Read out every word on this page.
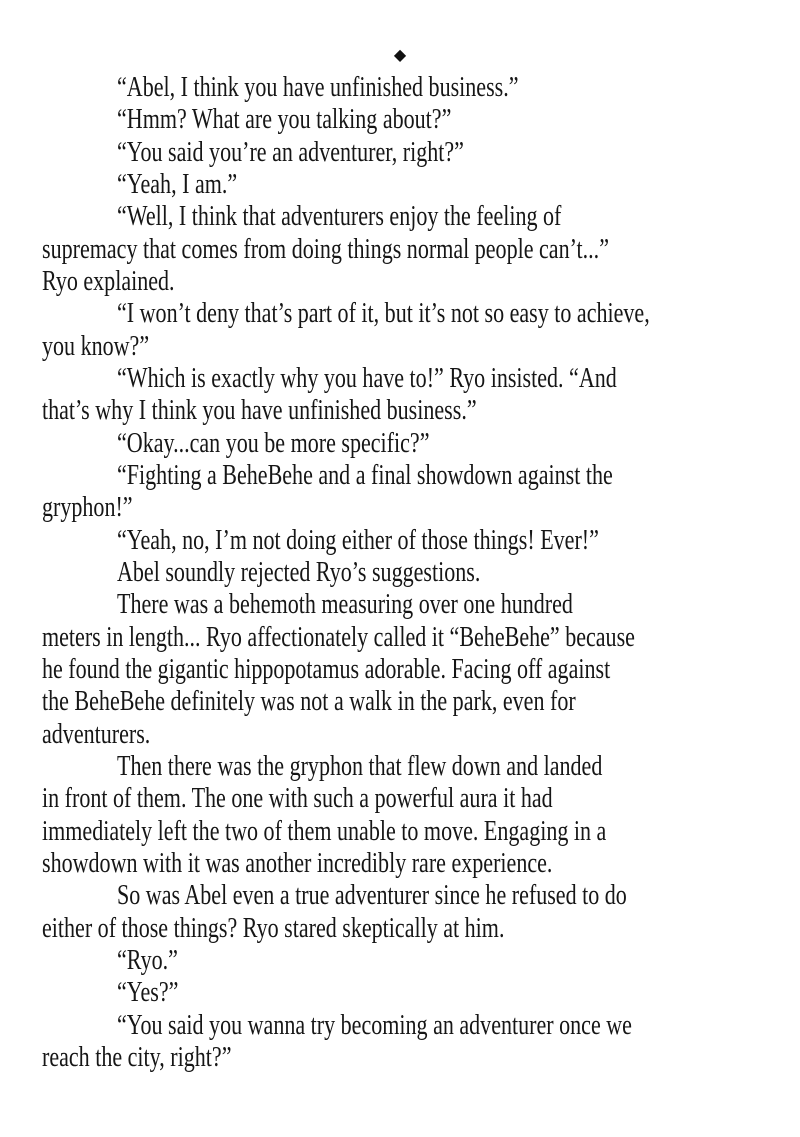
◆
“Abel, I think you have unfinished business.”
“Hmm? What are you talking about?”
“You said you’re an adventurer, right?”
“Yeah, I am.”
“Well, I think that adventurers enjoy the feeling of
supremacy that comes from doing things normal people can’t...”
Ryo explained.
“I won’t deny that’s part of it, but it’s not so easy to achieve,
you know?”
“Which is exactly why you have to!” Ryo insisted. “And
that’s why I think you have unfinished business.”
“Okay...can you be more specific?”
“Fighting a BeheBehe and a final showdown against the
gryphon!”
“Yeah, no, I’m not doing either of those things! Ever!”
Abel soundly rejected Ryo’s suggestions.
There was a behemoth measuring over one hundred
meters in length... Ryo affectionately called it “BeheBehe” because
he found the gigantic hippopotamus adorable. Facing off against
the BeheBehe definitely was not a walk in the park, even for
adventurers.
Then there was the gryphon that flew down and landed
in front of them. The one with such a powerful aura it had
immediately left the two of them unable to move. Engaging in a
showdown with it was another incredibly rare experience.
So was Abel even a true adventurer since he refused to do
either of those things? Ryo stared skeptically at him.
“Ryo.”
“Yes?”
“You said you wanna try becoming an adventurer once we
reach the city, right?”
